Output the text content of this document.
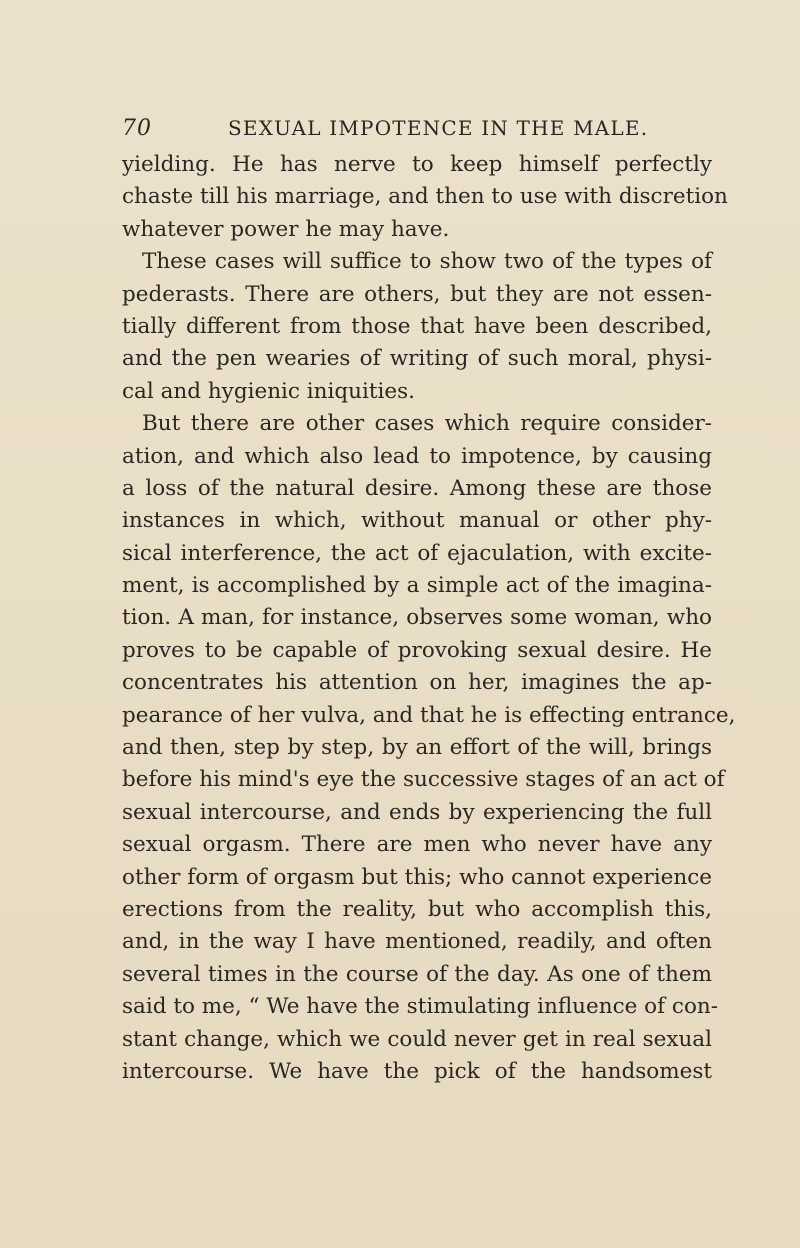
70	SEXUAL IMPOTENCE IN THE MALE.
yielding. He has nerve to keep himself perfectly
chaste till his marriage, and then to use with discretion
whatever power he may have.
These cases will suffice to show two of the types of
pederasts. There are others, but they are not essen-
tially different from those that have been described,
and the pen wearies of writing of such moral, physi-
cal and hygienic iniquities.
But there are other cases which require consider-
ation, and which also lead to impotence, by causing
a loss of the natural desire. Among these are those
instances in which, without manual or other phy-
sical interference, the act of ejaculation, with excite-
ment, is accomplished by a simple act of the imagina-
tion. A man, for instance, observes some woman, who
proves to be capable of provoking sexual desire. He
concentrates his attention on her, imagines the ap-
pearance of her vulva, and that he is effecting entrance,
and then, step by step, by an effort of the will, brings
before his mind's eye the successive stages of an act of
sexual intercourse, and ends by experiencing the full
sexual orgasm. There are men who never have any
other form of orgasm but this; who cannot experience
erections from the reality, but who accomplish this,
and, in the way I have mentioned, readily, and often
several times in the course of the day. As one of them
said to me, “ We have the stimulating influence of con-
stant change, which we could never get in real sexual
intercourse. We have the pick of the handsomest
